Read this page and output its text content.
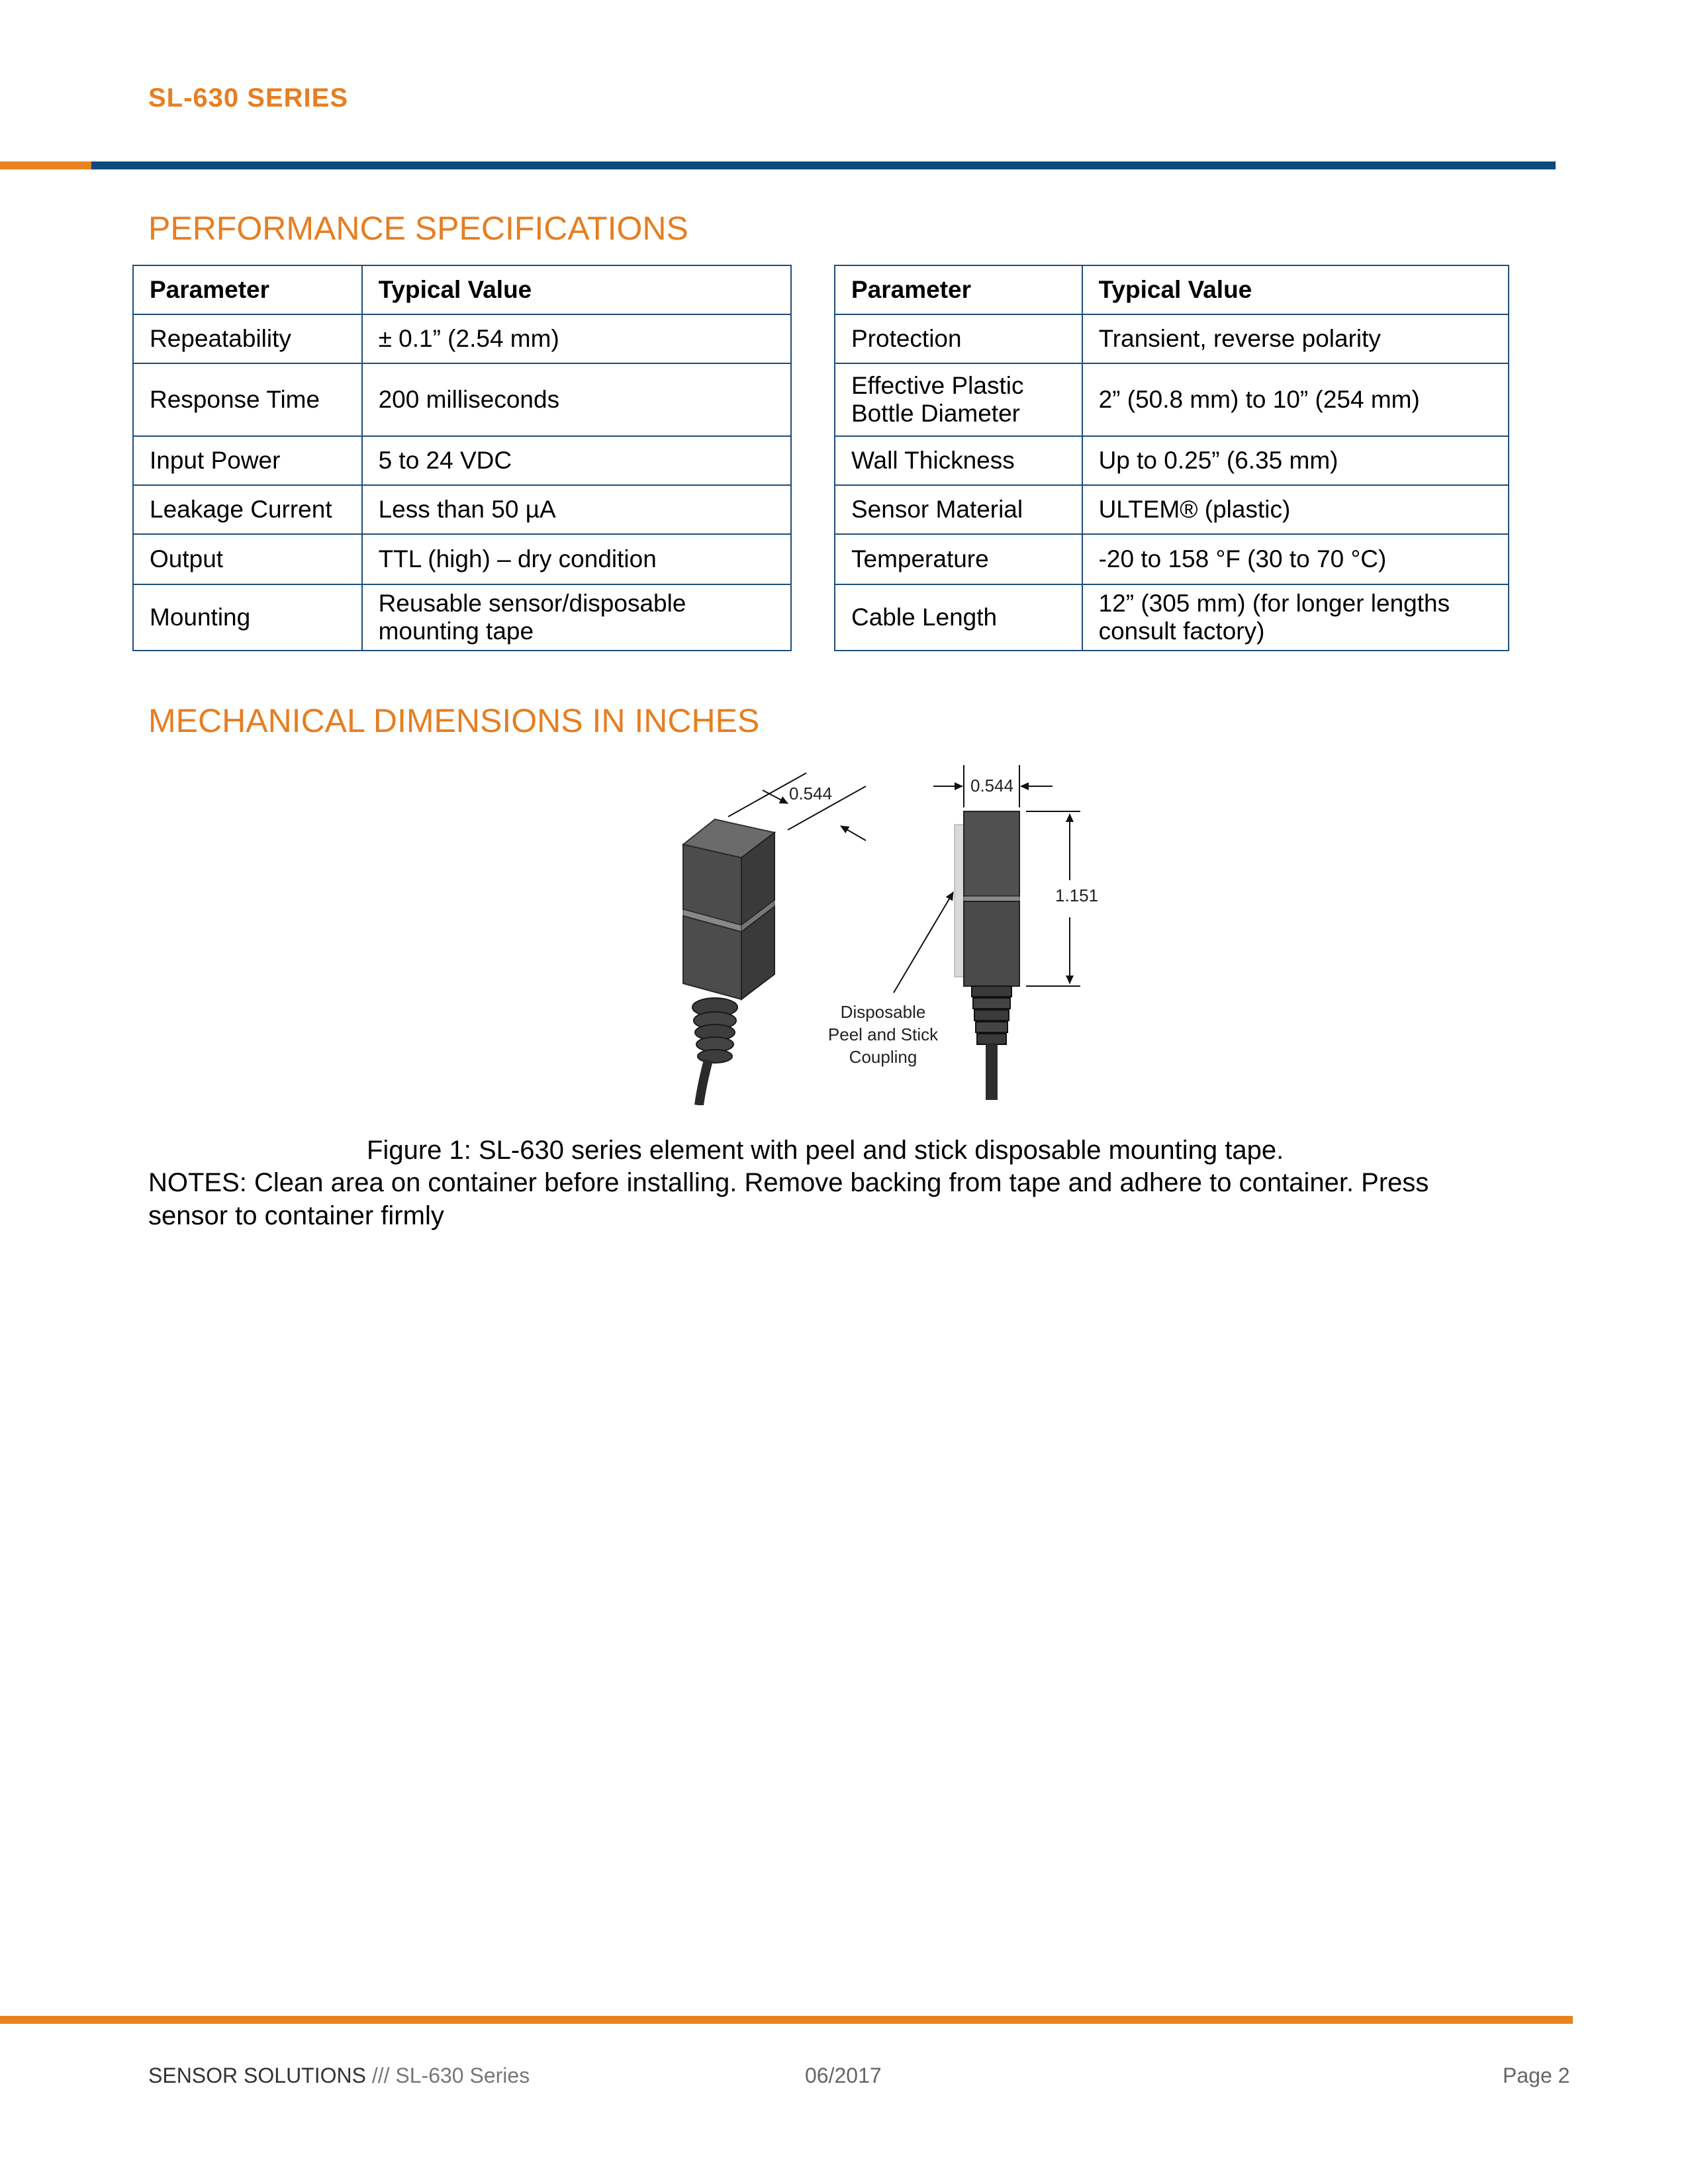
SL-630 SERIES
PERFORMANCE SPECIFICATIONS
Parameter	Typical Value
Repeatability	± 0.1” (2.54 mm)
Response Time	200 milliseconds
Input Power	5 to 24 VDC
Leakage Current	Less than 50 µA
Output	TTL (high) – dry condition
Mounting	Reusable sensor/disposable mounting tape
Parameter	Typical Value
Protection	Transient, reverse polarity
Effective Plastic Bottle Diameter	2” (50.8 mm) to 10” (254 mm)
Wall Thickness	Up to 0.25” (6.35 mm)
Sensor Material	ULTEM® (plastic)
Temperature	-20 to 158 °F (30 to 70 °C)
Cable Length	12” (305 mm) (for longer lengths consult factory)
MECHANICAL DIMENSIONS IN INCHES
0.544	0.544
1.151
Disposable
Peel and Stick
Coupling
Figure 1: SL-630 series element with peel and stick disposable mounting tape.
NOTES: Clean area on container before installing. Remove backing from tape and adhere to container. Press sensor to container firmly
SENSOR SOLUTIONS /// SL-630 Series	06/2017	Page 2
